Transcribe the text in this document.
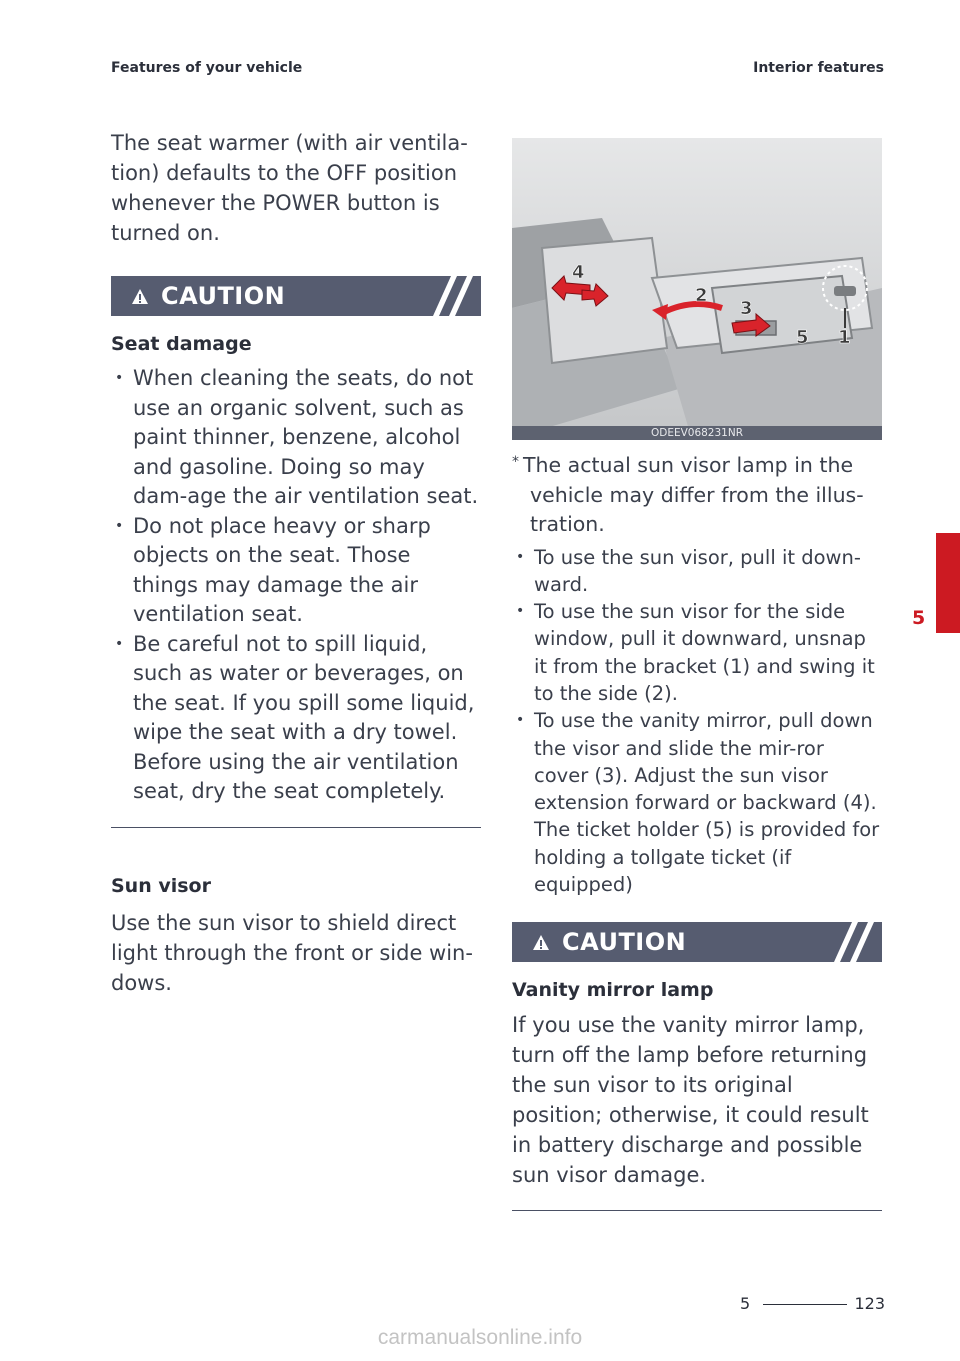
Features of your vehicle	Interior features

The seat warmer (with air ventila-tion) defaults to the OFF position whenever the POWER button is turned on.

CAUTION
Seat damage
• When cleaning the seats, do not use an organic solvent, such as paint thinner, benzene, alcohol and gasoline. Doing so may dam-age the air ventilation seat.
• Do not place heavy or sharp objects on the seat. Those things may damage the air ventilation seat.
• Be careful not to spill liquid, such as water or beverages, on the seat. If you spill some liquid, wipe the seat with a dry towel. Before using the air ventilation seat, dry the seat completely.
Sun visor

Use the sun visor to shield direct light through the front or side win-dows.

4
2
3
5 1
ODEEV068231NR

* The actual sun visor lamp in the vehicle may differ from the illus-tration.

• To use the sun visor, pull it down-ward.
• To use the sun visor for the side window, pull it downward, unsnap it from the bracket (1) and swing it to the side (2).
• To use the vanity mirror, pull down the visor and slide the mir-ror cover (3). Adjust the sun visor extension forward or backward (4). The ticket holder (5) is provided for holding a tollgate ticket (if equipped)
CAUTION
Vanity mirror lamp

If you use the vanity mirror lamp, turn off the lamp before returning the sun visor to its original position; otherwise, it could result in battery discharge and possible sun visor damage.

5
5	123
carmanualsonline.info
